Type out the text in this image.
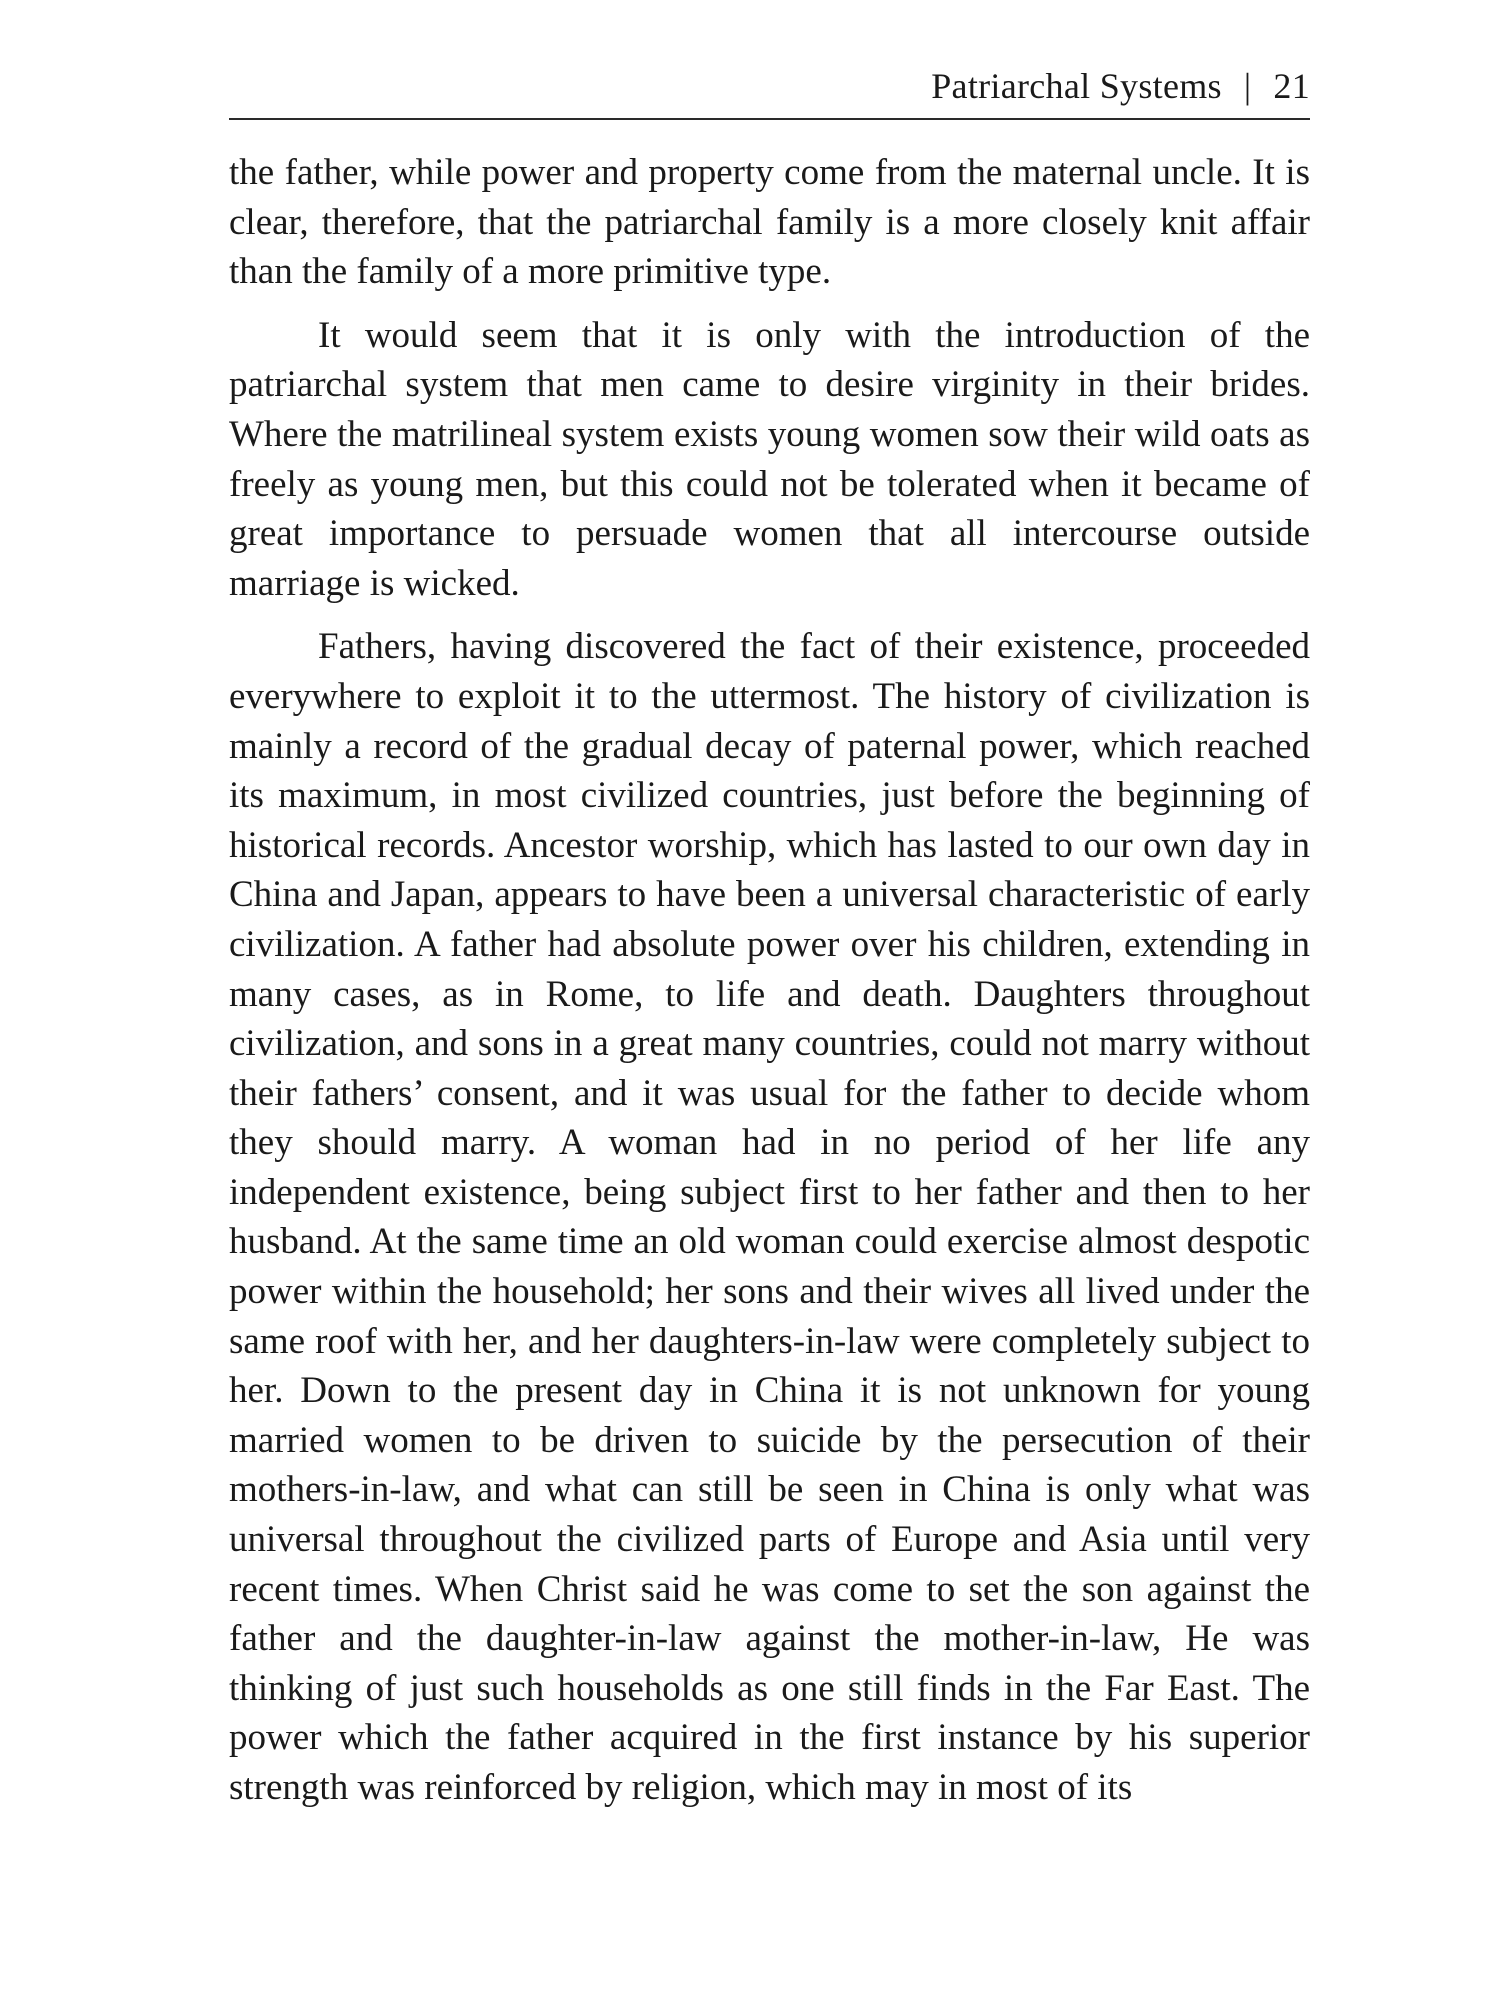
Patriarchal Systems | 21

the father, while power and property come from the maternal uncle. It is clear, therefore, that the patriarchal family is a more closely knit affair than the family of a more primitive type.

It would seem that it is only with the introduction of the patriarchal system that men came to desire virginity in their brides. Where the matrilineal system exists young women sow their wild oats as freely as young men, but this could not be tolerated when it became of great importance to persuade women that all intercourse outside marriage is wicked.

Fathers, having discovered the fact of their existence, proceeded everywhere to exploit it to the uttermost. The history of civilization is mainly a record of the gradual decay of paternal power, which reached its maximum, in most civilized countries, just before the beginning of historical records. Ancestor worship, which has lasted to our own day in China and Japan, appears to have been a universal characteristic of early civilization. A father had absolute power over his children, extending in many cases, as in Rome, to life and death. Daughters throughout civilization, and sons in a great many countries, could not marry without their fathers’ consent, and it was usual for the father to decide whom they should marry. A woman had in no period of her life any independent existence, being subject first to her father and then to her husband. At the same time an old woman could exercise almost despotic power within the household; her sons and their wives all lived under the same roof with her, and her daughters-in-law were completely subject to her. Down to the present day in China it is not unknown for young married women to be driven to suicide by the persecution of their mothers-in-law, and what can still be seen in China is only what was universal throughout the civilized parts of Europe and Asia until very recent times. When Christ said he was come to set the son against the father and the daughter-in-law against the mother-in-law, He was thinking of just such households as one still finds in the Far East. The power which the father acquired in the first instance by his superior strength was reinforced by religion, which may in most of its
